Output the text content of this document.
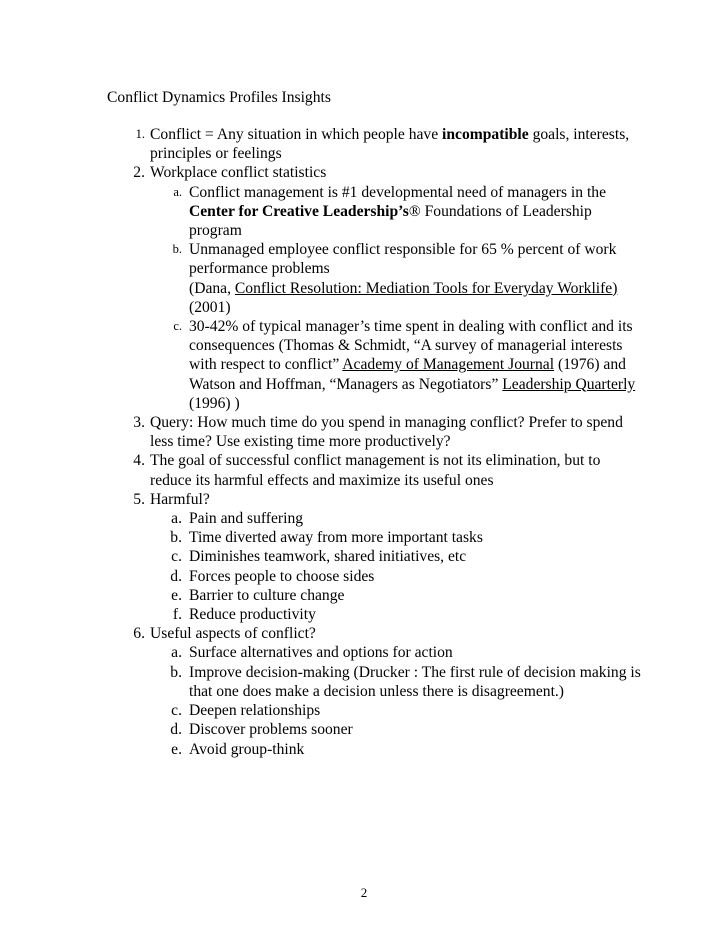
Conflict Dynamics Profiles Insights
1. Conflict = Any situation in which people have incompatible goals, interests, principles or feelings
2. Workplace conflict statistics
a. Conflict management is #1 developmental need of managers in the Center for Creative Leadership’s® Foundations of Leadership program
b. Unmanaged employee conflict responsible for 65 % percent of work performance problems
(Dana, Conflict Resolution: Mediation Tools for Everyday Worklife) (2001)
c. 30-42% of typical manager’s time spent in dealing with conflict and its consequences (Thomas & Schmidt, “A survey of managerial interests with respect to conflict” Academy of Management Journal (1976) and Watson and Hoffman, “Managers as Negotiators” Leadership Quarterly (1996) )
3. Query: How much time do you spend in managing conflict? Prefer to spend less time? Use existing time more productively?
4. The goal of successful conflict management is not its elimination, but to reduce its harmful effects and maximize its useful ones
5. Harmful?
a. Pain and suffering
b. Time diverted away from more important tasks
c. Diminishes teamwork, shared initiatives, etc
d. Forces people to choose sides
e. Barrier to culture change
f. Reduce productivity
6. Useful aspects of conflict?
a. Surface alternatives and options for action
b. Improve decision-making (Drucker : The first rule of decision making is that one does make a decision unless there is disagreement.)
c. Deepen relationships
d. Discover problems sooner
e. Avoid group-think
2
